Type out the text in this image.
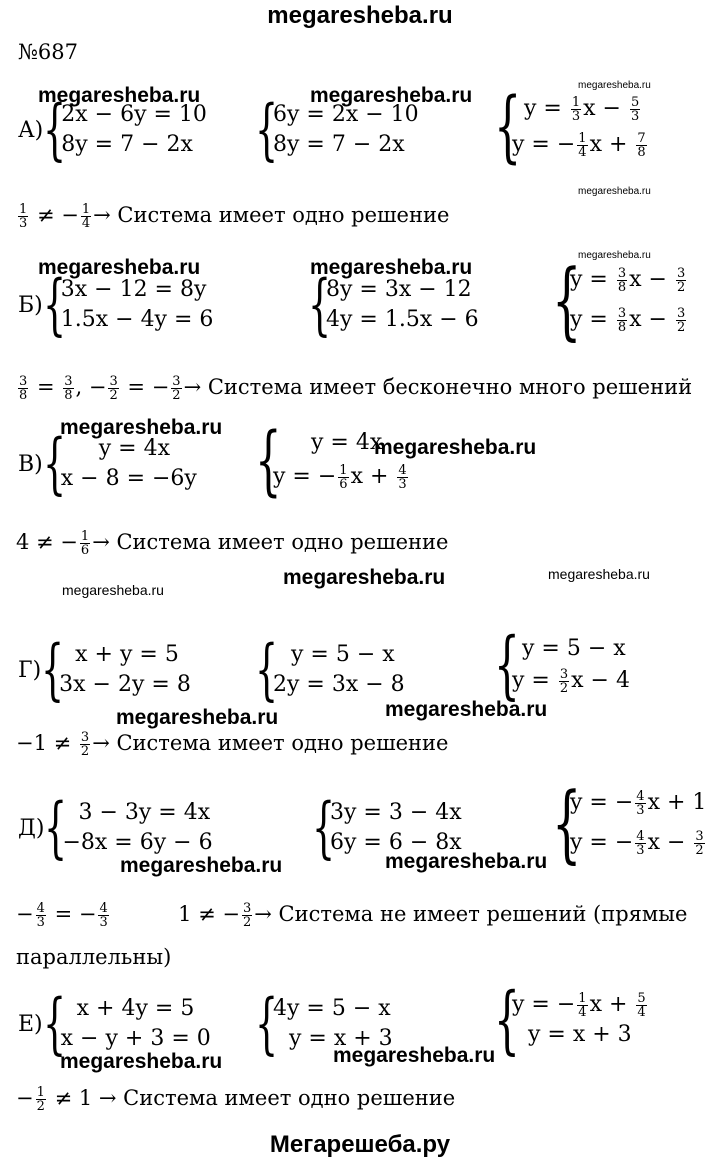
megaresheba.ru
№687
megaresheba.ru	megaresheba.ru	megaresheba.ru
А) {
2x − 6y = 10
8y = 7 − 2x {
6y = 2x − 10
8y = 7 − 2x { $y = \frac{1}{3}$ $x - \frac{5}{3}$
y = − $\frac{1}{4}$ $x + \frac{7}{8}$
megaresheba.ru
$\frac{1}{3}$ ≠ − $\frac{1}{4}$ → Система имеет одно решение
megaresheba.ru
megaresheba.ru	megaresheba.ru
Б) {
3x − 12 = 8y
1.5x − 4y = 6 {
8y = 3x − 12
4y = 1.5x − 6 {
$y = \frac{3}{8}$ $x - \frac{3}{2}$
$y = \frac{3}{8}$ $x - \frac{3}{2}$
$\frac{3}{8} = \frac{3}{8}$ , − $\frac{3}{2}$ = − $\frac{3}{2}$ → Система имеет бесконечно много решений
megaresheba.ru
megaresheba.ru
В) { y = 4x
x − 8 = −6y { y = 4x
y = − $\frac{1}{6}$ $x + \frac{4}{3}$
4 ≠ − $\frac{1}{6}$ → Система имеет одно решение
megaresheba.ru	megaresheba.ru
megaresheba.ru
Г) { x + y = 5
3x − 2y = 8 { y = 5 − x
2y = 3x − 8 { y = 5 − x
$y = \frac{3}{2}$ x − 4
megaresheba.ru	megaresheba.ru
$-1 \ne \frac{3}{2}$ → Система имеет одно решение
Д) { 3 − 3y = 4x
−8x = 6y − 6 {
3y = 3 − 4x
6y = 6 − 8x {
y = − $\frac{4}{3}$ x + 1
y = − $\frac{4}{3}$ $x - \frac{3}{2}$
megaresheba.ru	megaresheba.ru
− $\frac{4}{3}$ = − $\frac{4}{3}$	1 ≠ − $\frac{3}{2}$ → Система не имеет решений (прямые
параллельны)
Е) { x + 4y = 5
x − y + 3 = 0 {
4y = 5 − x
y = x + 3 {
y = − $\frac{1}{4}$ $x + \frac{5}{4}$
y = x + 3
megaresheba.ru	megaresheba.ru
− $\frac{1}{2} \ne 1$ → Система имеет одно решение
Мегарешеба.ру
